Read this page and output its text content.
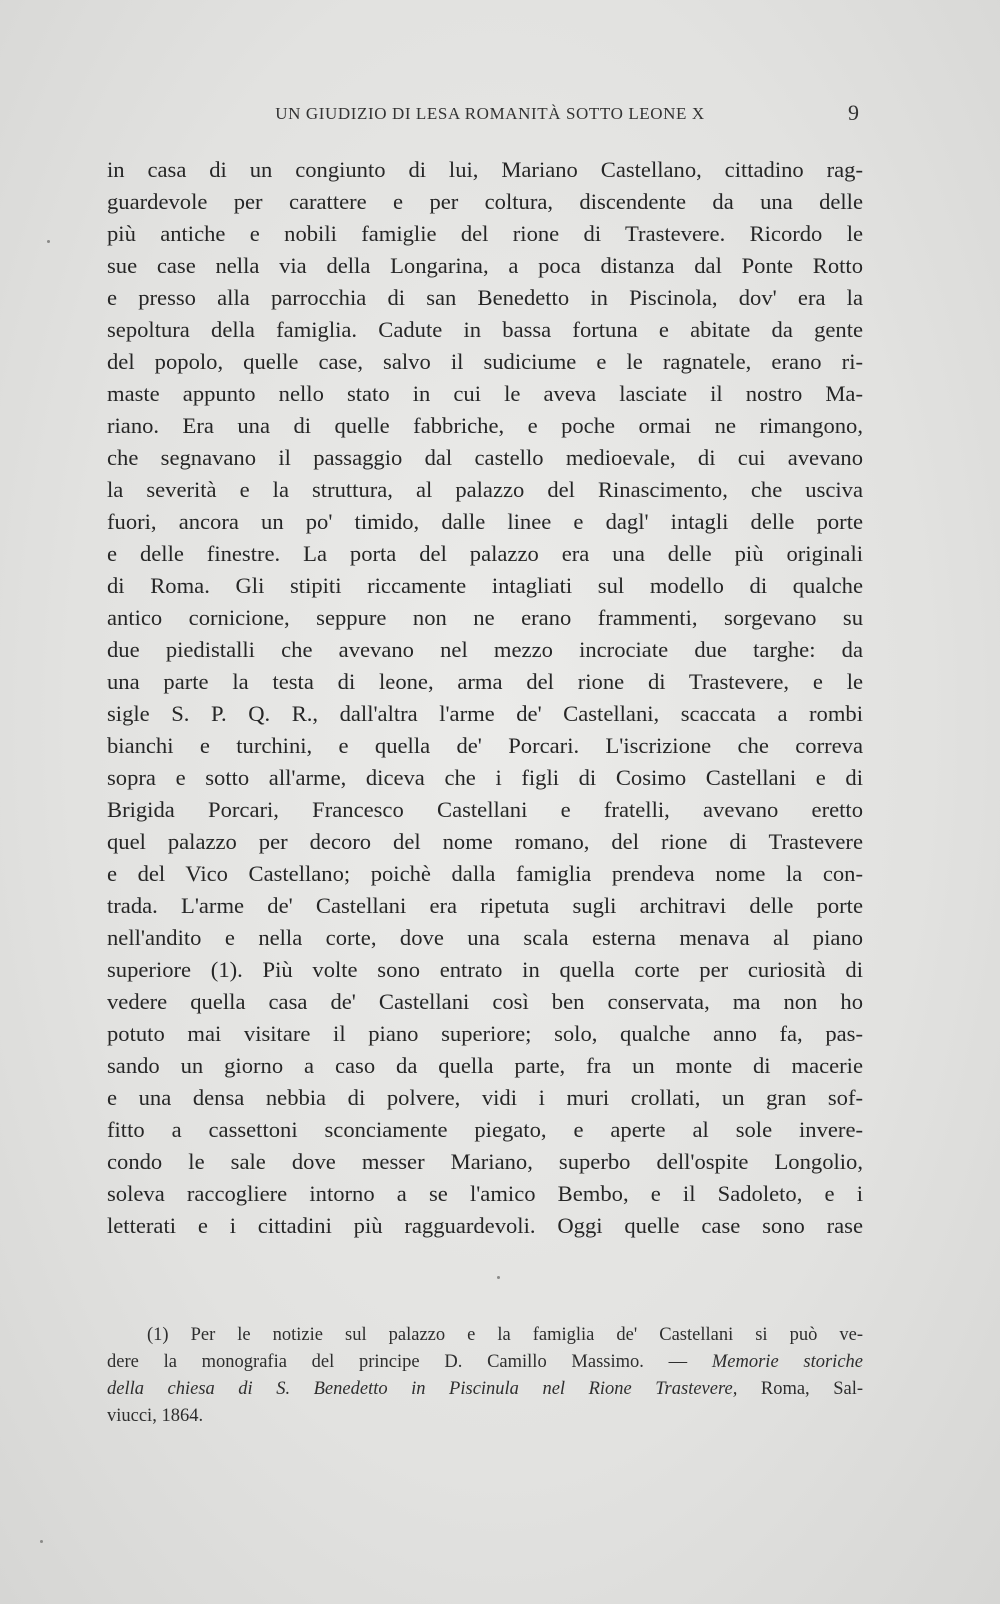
UN GIUDIZIO DI LESA ROMANITÀ SOTTO LEONE X	9
in casa di un congiunto di lui, Mariano Castellano, cittadino rag-
guardevole per carattere e per coltura, discendente da una delle
più antiche e nobili famiglie del rione di Trastevere. Ricordo le
sue case nella via della Longarina, a poca distanza dal Ponte Rotto
e presso alla parrocchia di san Benedetto in Piscinola, dov' era la
sepoltura della famiglia. Cadute in bassa fortuna e abitate da gente
del popolo, quelle case, salvo il sudiciume e le ragnatele, erano ri-
maste appunto nello stato in cui le aveva lasciate il nostro Ma-
riano. Era una di quelle fabbriche, e poche ormai ne rimangono,
che segnavano il passaggio dal castello medioevale, di cui avevano
la severità e la struttura, al palazzo del Rinascimento, che usciva
fuori, ancora un po' timido, dalle linee e dagl' intagli delle porte
e delle finestre. La porta del palazzo era una delle più originali
di Roma. Gli stipiti riccamente intagliati sul modello di qualche
antico cornicione, seppure non ne erano frammenti, sorgevano su
due piedistalli che avevano nel mezzo incrociate due targhe: da
una parte la testa di leone, arma del rione di Trastevere, e le
sigle S. P. Q. R., dall'altra l'arme de' Castellani, scaccata a rombi
bianchi e turchini, e quella de' Porcari. L'iscrizione che correva
sopra e sotto all'arme, diceva che i figli di Cosimo Castellani e di
Brigida Porcari, Francesco Castellani e fratelli, avevano eretto
quel palazzo per decoro del nome romano, del rione di Trastevere
e del Vico Castellano; poichè dalla famiglia prendeva nome la con-
trada. L'arme de' Castellani era ripetuta sugli architravi delle porte
nell'andito e nella corte, dove una scala esterna menava al piano
superiore (1). Più volte sono entrato in quella corte per curiosità di
vedere quella casa de' Castellani così ben conservata, ma non ho
potuto mai visitare il piano superiore; solo, qualche anno fa, pas-
sando un giorno a caso da quella parte, fra un monte di macerie
e una densa nebbia di polvere, vidi i muri crollati, un gran sof-
fitto a cassettoni sconciamente piegato, e aperte al sole invere-
condo le sale dove messer Mariano, superbo dell'ospite Longolio,
soleva raccogliere intorno a se l'amico Bembo, e il Sadoleto, e i
letterati e i cittadini più ragguardevoli. Oggi quelle case sono rase
(1) Per le notizie sul palazzo e la famiglia de' Castellani si può ve-
dere la monografia del principe D. Camillo Massimo. — Memorie storiche
della chiesa di S. Benedetto in Piscinula nel Rione Trastevere, Roma, Sal-
viucci, 1864.
